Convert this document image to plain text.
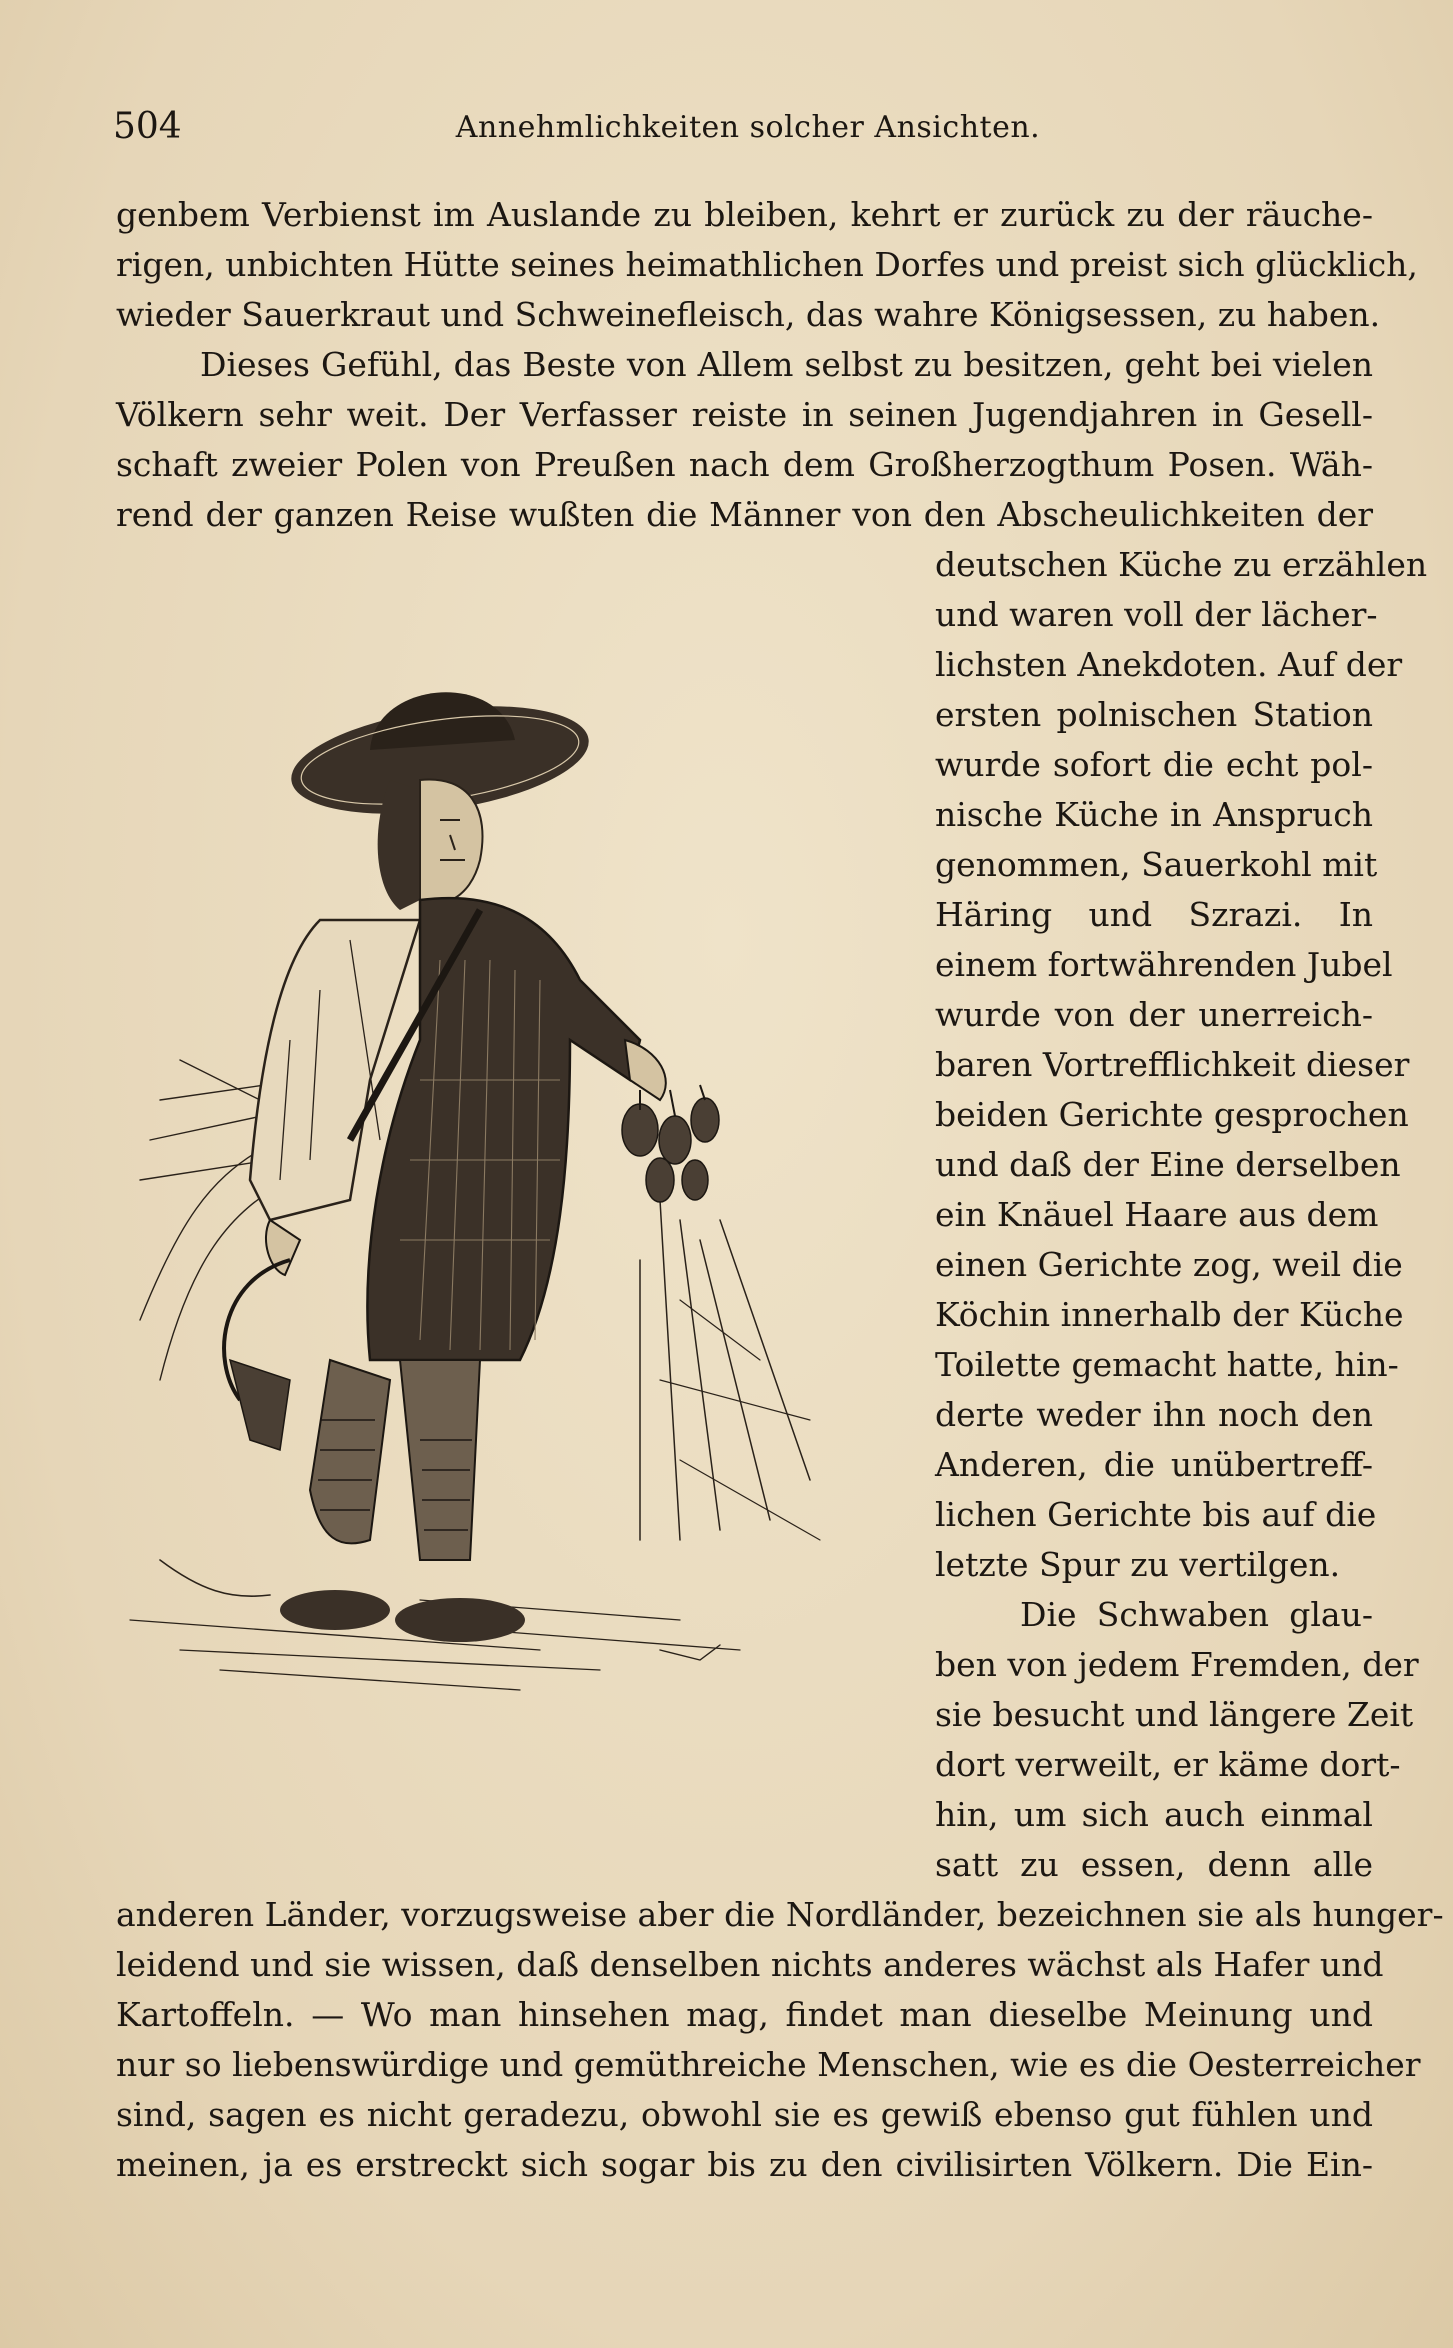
504	Annehmlichkeiten solcher Ansichten.
genbem Verbienst im Auslande zu bleiben, kehrt er zurück zu der räuche-
rigen, unbichten Hütte seines heimathlichen Dorfes und preist sich glücklich,
wieder Sauerkraut und Schweinefleisch, das wahre Königsessen, zu haben.
Dieses Gefühl, das Beste von Allem selbst zu besitzen, geht bei vielen
Völkern sehr weit. Der Verfasser reiste in seinen Jugendjahren in Gesell-
schaft zweier Polen von Preußen nach dem Großherzogthum Posen. Wäh-
rend der ganzen Reise wußten die Männer von den Abscheulichkeiten der
deutschen Küche zu erzählen
und waren voll der lächer-
lichsten Anekdoten. Auf der
ersten polnischen Station
wurde sofort die echt pol-
nische Küche in Anspruch
genommen, Sauerkohl mit
Häring und Szrazi. In
einem fortwährenden Jubel
wurde von der unerreich-
baren Vortrefflichkeit dieser
beiden Gerichte gesprochen
und daß der Eine derselben
ein Knäuel Haare aus dem
einen Gerichte zog, weil die
Köchin innerhalb der Küche
Toilette gemacht hatte, hin-
derte weder ihn noch den
Anderen, die unübertreff-
lichen Gerichte bis auf die
letzte Spur zu vertilgen.
Die Schwaben glau-
ben von jedem Fremden, der
sie besucht und längere Zeit
dort verweilt, er käme dort-
hin, um sich auch einmal
satt zu essen, denn alle
anderen Länder, vorzugsweise aber die Nordländer, bezeichnen sie als hunger-
leidend und sie wissen, daß denselben nichts anderes wächst als Hafer und
Kartoffeln. — Wo man hinsehen mag, findet man dieselbe Meinung und
nur so liebenswürdige und gemüthreiche Menschen, wie es die Oesterreicher
sind, sagen es nicht geradezu, obwohl sie es gewiß ebenso gut fühlen und
meinen, ja es erstreckt sich sogar bis zu den civilisirten Völkern. Die Ein-
